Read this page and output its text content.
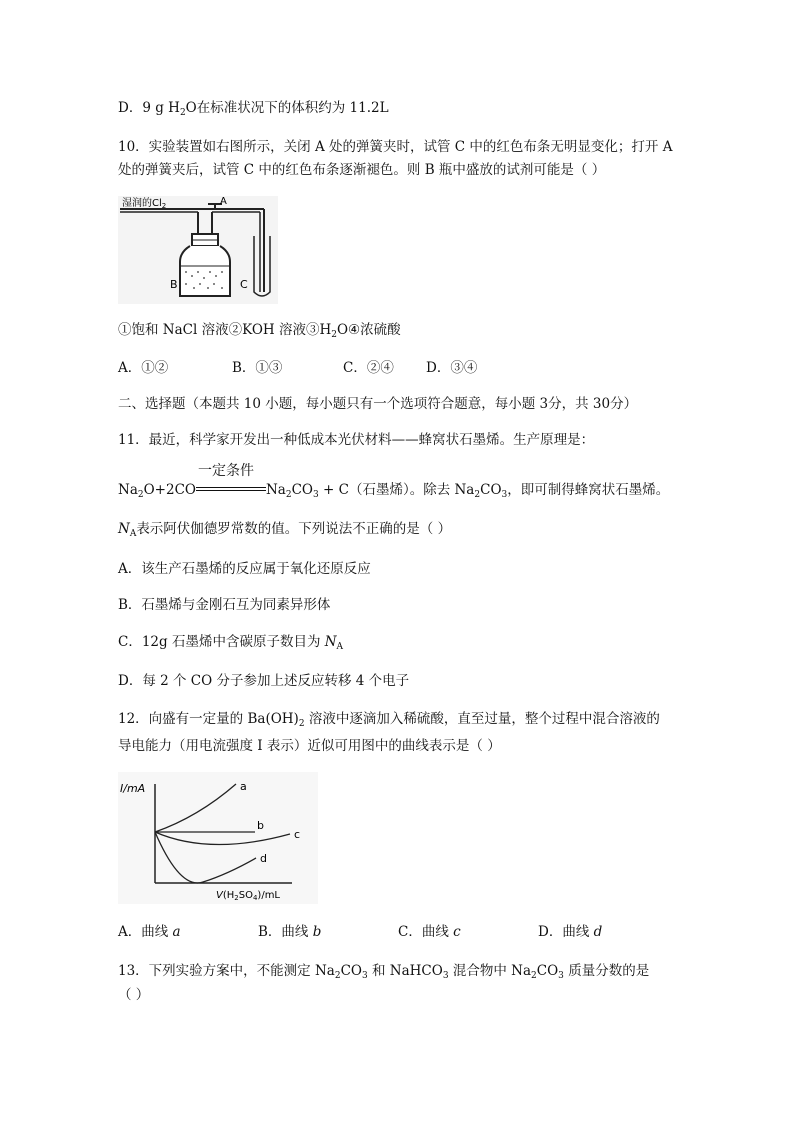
D．9 g $H_2O$在标准状况下的体积约为 11.2L
10．实验装置如右图所示，关闭 A 处的弹簧夹时，试管 C 中的红色布条无明显变化；打开 A
处的弹簧夹后，试管 C 中的红色布条逐渐褪色。则 B 瓶中盛放的试剂可能是（ ）
湿润的$Cl_2$	A
B	C
①饱和 NaCl 溶液②KOH 溶液$③H_2O④$浓硫酸
A．①②	B．①③	C．②④ D．③④
二、选择题（本题共 10 小题，每小题只有一个选项符合题意，每小题 3分，共 30分）
11．最近，科学家开发出一种低成本光伏材料——蜂窝状石墨烯。生产原理是：
$Na_2O+2CO$
一定条件
$Na_2CO_3 + C$（石墨烯）。除去 $Na_2CO_3$，即可制得蜂窝状石墨烯。
$N_A$表示阿伏伽德罗常数的值。下列说法不正确的是（ ）
A．该生产石墨烯的反应属于氧化还原反应
B．石墨烯与金刚石互为同素异形体
C．12g 石墨烯中含碳原子数目为 $N_A$
D．每 2 个 CO 分子参加上述反应转移 4 个电子
12．向盛有一定量的 $Ba(OH)_2$ 溶液中逐滴加入稀硫酸，直至过量，整个过程中混合溶液的
导电能力（用电流强度 I 表示）近似可用图中的曲线表示是（ ）
I/mA	a
b
c
d
$V(H_2SO_4)/mL$
A．曲线 a	B．曲线 b	C．曲线 c	D．曲线 d
13．下列实验方案中，不能测定 $Na_2CO_3$ 和 NaHCO$_3$ 混合物中 $Na_2CO_3$ 质量分数的是
（ ）
